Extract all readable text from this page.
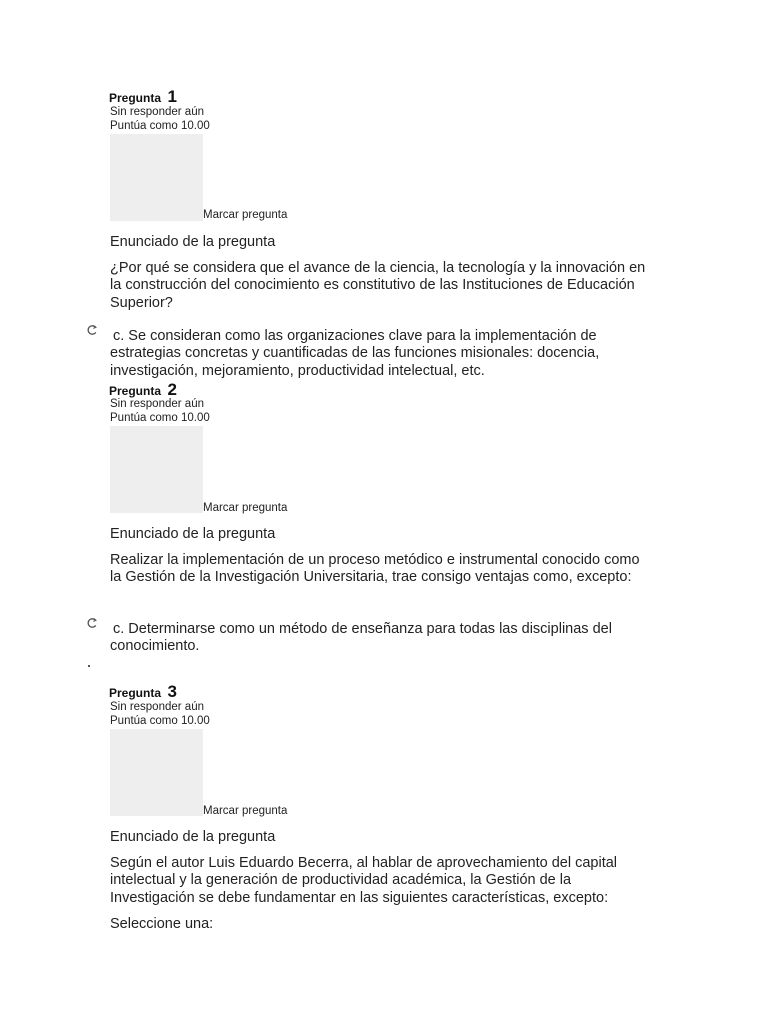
Pregunta 1
Sin responder aún
Puntúa como 10.00
Marcar pregunta
Enunciado de la pregunta
¿Por qué se considera que el avance de la ciencia, la tecnología y la innovación en la construcción del conocimiento es constitutivo de las Instituciones de Educación Superior?
c. Se consideran como las organizaciones clave para la implementación de estrategias concretas y cuantificadas de las funciones misionales: docencia, investigación, mejoramiento, productividad intelectual, etc.
Pregunta 2
Sin responder aún
Puntúa como 10.00
Marcar pregunta
Enunciado de la pregunta
Realizar la implementación de un proceso metódico e instrumental conocido como la Gestión de la Investigación Universitaria, trae consigo ventajas como, excepto:
c. Determinarse como un método de enseñanza para todas las disciplinas del conocimiento.
Pregunta 3
Sin responder aún
Puntúa como 10.00
Marcar pregunta
Enunciado de la pregunta
Según el autor Luis Eduardo Becerra, al hablar de aprovechamiento del capital intelectual y la generación de productividad académica, la Gestión de la Investigación se debe fundamentar en las siguientes características, excepto:
Seleccione una:
